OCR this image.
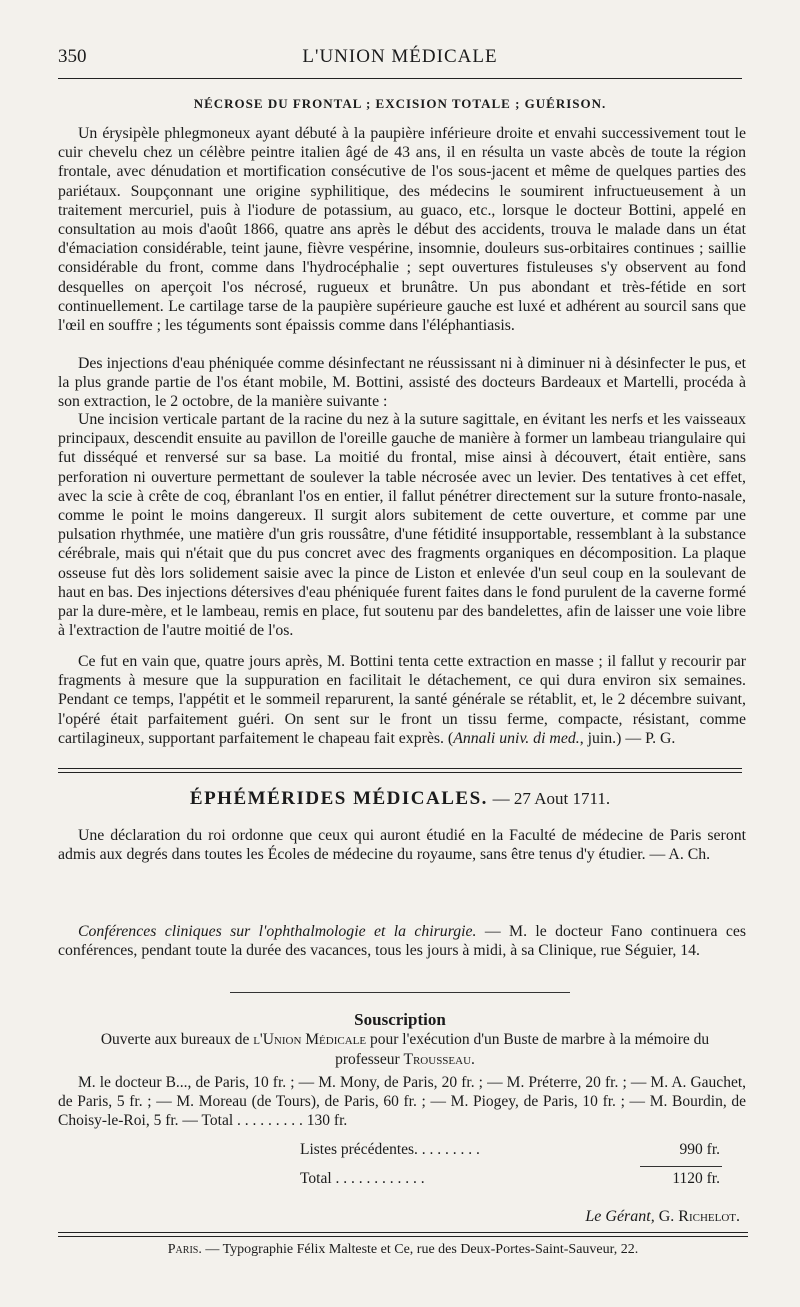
350	L'UNION MÉDICALE
NÉCROSE DU FRONTAL ; EXCISION TOTALE ; GUÉRISON.

Un érysipèle phlegmoneux ayant débuté à la paupière inférieure droite et envahi successivement tout le cuir chevelu chez un célèbre peintre italien âgé de 43 ans, il en résulta un vaste abcès de toute la région frontale, avec dénudation et mortification consécutive de l'os sous-jacent et même de quelques parties des pariétaux. Soupçonnant une origine syphilitique, des médecins le soumirent infructueusement à un traitement mercuriel, puis à l'iodure de potassium, au guaco, etc., lorsque le docteur Bottini, appelé en consultation au mois d'août 1866, quatre ans après le début des accidents, trouva le malade dans un état d'émaciation considérable, teint jaune, fièvre vespérine, insomnie, douleurs sus-orbitaires continues ; saillie considérable du front, comme dans l'hydrocéphalie ; sept ouvertures fistuleuses s'y observent au fond desquelles on aperçoit l'os nécrosé, rugueux et brunâtre. Un pus abondant et très-fétide en sort continuellement. Le cartilage tarse de la paupière supérieure gauche est luxé et adhérent au sourcil sans que l'œil en souffre ; les téguments sont épaissis comme dans l'éléphantiasis.

Des injections d'eau phéniquée comme désinfectant ne réussissant ni à diminuer ni à désinfecter le pus, et la plus grande partie de l'os étant mobile, M. Bottini, assisté des docteurs Bardeaux et Martelli, procéda à son extraction, le 2 octobre, de la manière suivante :

Une incision verticale partant de la racine du nez à la suture sagittale, en évitant les nerfs et les vaisseaux principaux, descendit ensuite au pavillon de l'oreille gauche de manière à former un lambeau triangulaire qui fut disséqué et renversé sur sa base. La moitié du frontal, mise ainsi à découvert, était entière, sans perforation ni ouverture permettant de soulever la table nécrosée avec un levier. Des tentatives à cet effet, avec la scie à crête de coq, ébranlant l'os en entier, il fallut pénétrer directement sur la suture fronto-nasale, comme le point le moins dangereux. Il surgit alors subitement de cette ouverture, et comme par une pulsation rhythmée, une matière d'un gris roussâtre, d'une fétidité insupportable, ressemblant à la substance cérébrale, mais qui n'était que du pus concret avec des fragments organiques en décomposition. La plaque osseuse fut dès lors solidement saisie avec la pince de Liston et enlevée d'un seul coup en la soulevant de haut en bas. Des injections détersives d'eau phéniquée furent faites dans le fond purulent de la caverne formé par la dure-mère, et le lambeau, remis en place, fut soutenu par des bandelettes, afin de laisser une voie libre à l'extraction de l'autre moitié de l'os.

Ce fut en vain que, quatre jours après, M. Bottini tenta cette extraction en masse ; il fallut y recourir par fragments à mesure que la suppuration en facilitait le détachement, ce qui dura environ six semaines. Pendant ce temps, l'appétit et le sommeil reparurent, la santé générale se rétablit, et, le 2 décembre suivant, l'opéré était parfaitement guéri. On sent sur le front un tissu ferme, compacte, résistant, comme cartilagineux, supportant parfaitement le chapeau fait exprès. (Annali univ. di med., juin.) — P. G.

ÉPHÉMÉRIDES MÉDICALES. — 27 Aout 1711.

Une déclaration du roi ordonne que ceux qui auront étudié en la Faculté de médecine de Paris seront admis aux degrés dans toutes les Écoles de médecine du royaume, sans être tenus d'y étudier. — A. Ch.

Conférences cliniques sur l'ophthalmologie et la chirurgie. — M. le docteur Fano continuera ces conférences, pendant toute la durée des vacances, tous les jours à midi, à sa Clinique, rue Séguier, 14.

Souscription
Ouverte aux bureaux de l'Union Médicale pour l'exécution d'un Buste de marbre à la mémoire du professeur Trousseau.

M. le docteur B..., de Paris, 10 fr. ; — M. Mony, de Paris, 20 fr. ; — M. Préterre, 20 fr. ; — M. A. Gauchet, de Paris, 5 fr. ; — M. Moreau (de Tours), de Paris, 60 fr. ; — M. Piogey, de Paris, 10 fr. ; — M. Bourdin, de Choisy-le-Roi, 5 fr. — Total . . . . . . . . . 130 fr.

Listes précédentes. . . . . . . . .	990 fr.
Total . . . . . . . . . . . .	1120 fr.
Le Gérant, G. Richelot.
Paris. — Typographie Félix Malteste et Ce, rue des Deux-Portes-Saint-Sauveur, 22.
